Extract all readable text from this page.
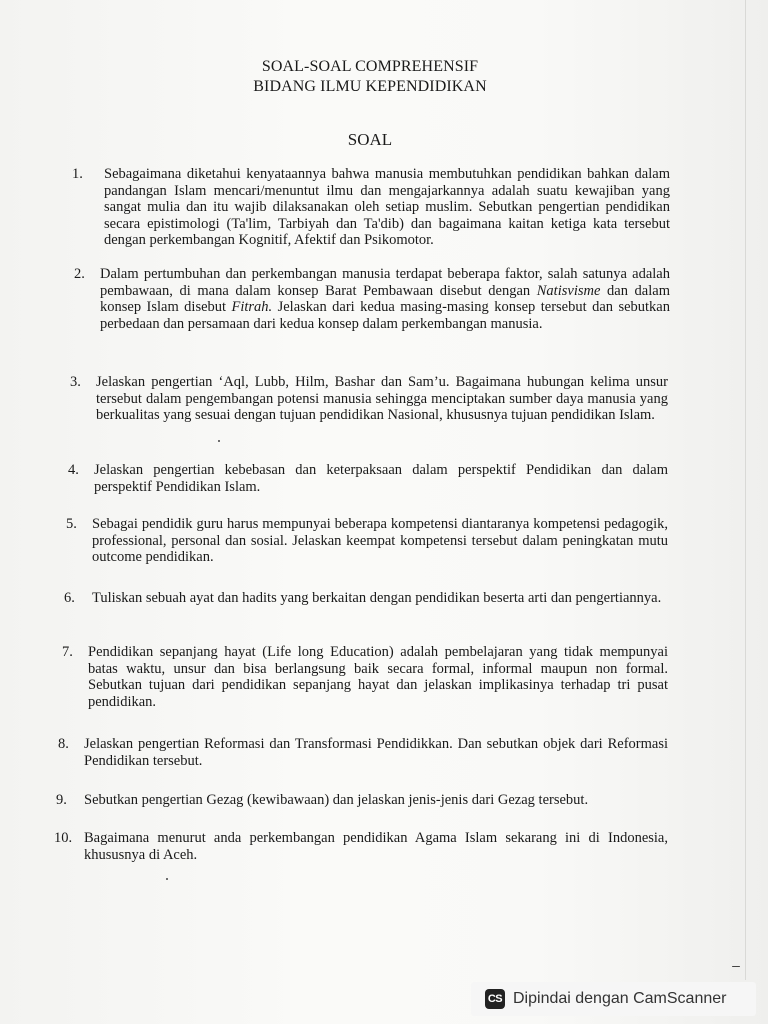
SOAL-SOAL COMPREHENSIF
BIDANG ILMU KEPENDIDIKAN
SOAL
1.	Sebagaimana diketahui kenyataannya bahwa manusia membutuhkan pendidikan bahkan dalam pandangan Islam mencari/menuntut ilmu dan mengajarkannya adalah suatu kewajiban yang sangat mulia dan itu wajib dilaksanakan oleh setiap muslim. Sebutkan pengertian pendidikan secara epistimologi (Ta'lim, Tarbiyah dan Ta'dib) dan bagaimana kaitan ketiga kata tersebut dengan perkembangan Kognitif, Afektif dan Psikomotor.
2.	Dalam pertumbuhan dan perkembangan manusia terdapat beberapa faktor, salah satunya adalah pembawaan, di mana dalam konsep Barat Pembawaan disebut dengan Natisvisme dan dalam konsep Islam disebut Fitrah. Jelaskan dari kedua masing-masing konsep tersebut dan sebutkan perbedaan dan persamaan dari kedua konsep dalam perkembangan manusia.
3.	Jelaskan pengertian ‘Aql, Lubb, Hilm, Bashar dan Sam’u. Bagaimana hubungan kelima unsur tersebut dalam pengembangan potensi manusia sehingga menciptakan sumber daya manusia yang berkualitas yang sesuai dengan tujuan pendidikan Nasional, khususnya tujuan pendidikan Islam.
4.	Jelaskan pengertian kebebasan dan keterpaksaan dalam perspektif Pendidikan dan dalam perspektif Pendidikan Islam.
5.	Sebagai pendidik guru harus mempunyai beberapa kompetensi diantaranya kompetensi pedagogik, professional, personal dan sosial. Jelaskan keempat kompetensi tersebut dalam peningkatan mutu outcome pendidikan.
6.	Tuliskan sebuah ayat dan hadits yang berkaitan dengan pendidikan beserta arti dan pengertiannya.
7.	Pendidikan sepanjang hayat (Life long Education) adalah pembelajaran yang tidak mempunyai batas waktu, unsur dan bisa berlangsung baik secara formal, informal maupun non formal. Sebutkan tujuan dari pendidikan sepanjang hayat dan jelaskan implikasinya terhadap tri pusat pendidikan.
8.	Jelaskan pengertian Reformasi dan Transformasi Pendidikkan. Dan sebutkan objek dari Reformasi Pendidikan tersebut.
9.	Sebutkan pengertian Gezag (kewibawaan) dan jelaskan jenis-jenis dari Gezag tersebut.
10. Bagaimana menurut anda perkembangan pendidikan Agama Islam sekarang ini di Indonesia, khususnya di Aceh.
CS Dipindai dengan CamScanner
